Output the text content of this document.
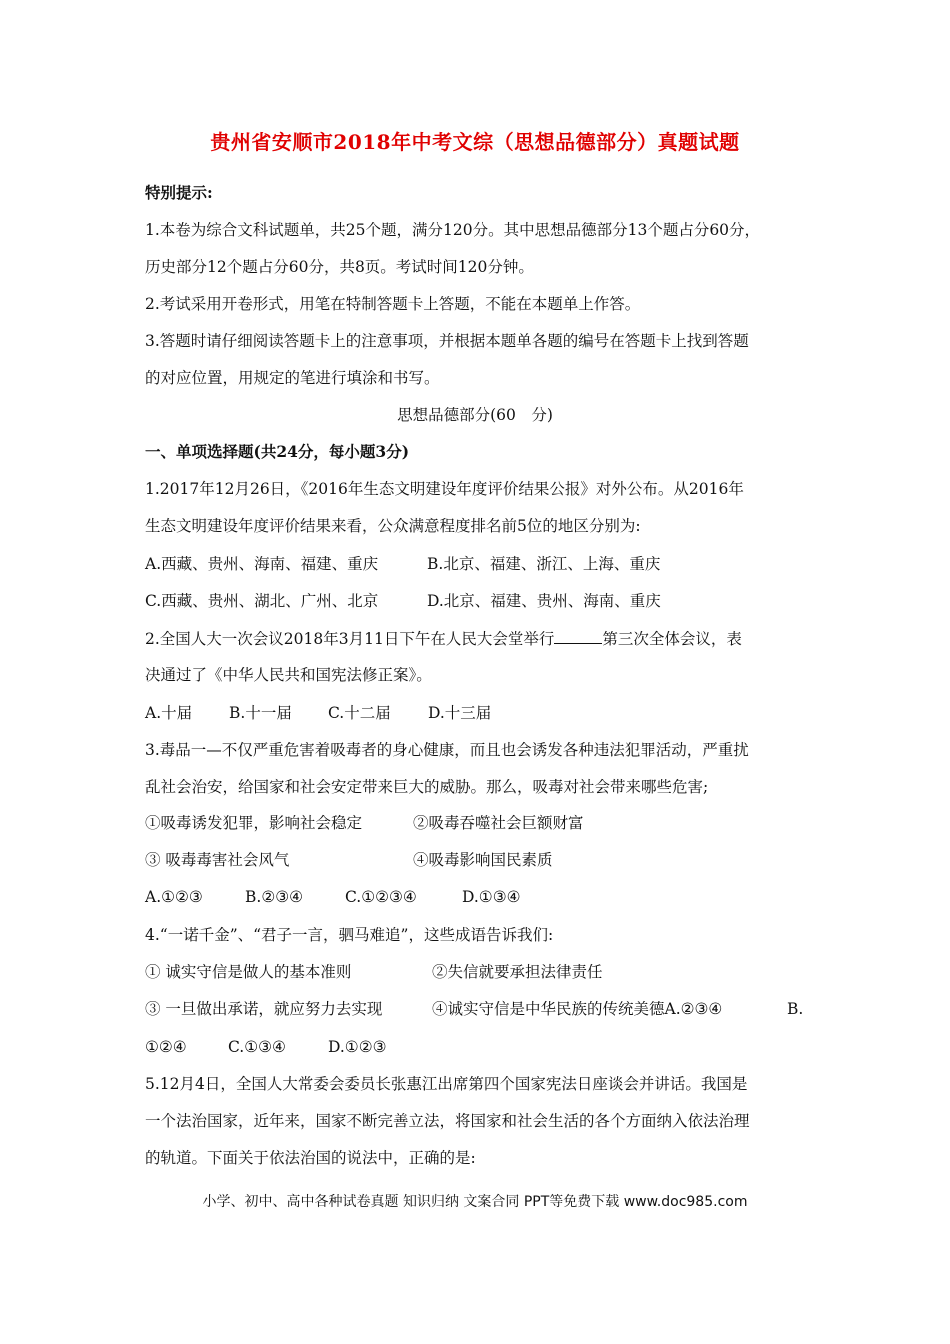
贵州省安顺市2018年中考文综（思想品德部分）真题试题
特别提示:
1.本卷为综合文科试题单，共25个题，满分120分。其中思想品德部分13个题占分60分，
历史部分12个题占分60分，共8页。考试时间120分钟。
2.考试采用开卷形式，用笔在特制答题卡上答题，不能在本题单上作答。
3.答题时请仔细阅读答题卡上的注意事项，并根据本题单各题的编号在答题卡上找到答题
的对应位置，用规定的笔进行填涂和书写。
思想品德部分(60　分)
一、单项选择题(共24分，每小题3分)
1.2017年12月26日，《2016年生态文明建设年度评价结果公报》对外公布。从2016年
生态文明建设年度评价结果来看，公众满意程度排名前5位的地区分别为:
A.西藏、贵州、海南、福建、重庆	B.北京、福建、浙江、上海、重庆
C.西藏、贵州、湖北、广州、北京	D.北京、福建、贵州、海南、重庆
2.全国人大一次会议2018年3月11日下午在人民大会堂举行	第三次全体会议，表
决通过了《中华人民共和国宪法修正案》。
A.十届 B.十一届 C.十二届 D.十三届
3.毒品一—不仅严重危害着吸毒者的身心健康，而且也会诱发各种违法犯罪活动，严重扰
乱社会治安，给国家和社会安定带来巨大的威胁。那么，吸毒对社会带来哪些危害;
①吸毒诱发犯罪，影响社会稳定	②吸毒吞噬社会巨额财富
③ 吸毒毒害社会风气	④吸毒影响国民素质
A.①②③	B.②③④	C.①②③④	D.①③④
4.“一诺千金”、“君子一言，驷马难追”，这些成语告诉我们:
① 诚实守信是做人的基本准则	②失信就要承担法律责任
③ 一旦做出承诺，就应努力去实现	④诚实守信是中华民族的传统美德A.②③④	B.
①②④	C.①③④	D.①②③
5.12月4日，全国人大常委会委员长张惠江出席第四个国家宪法日座谈会并讲话。我国是
一个法治国家，近年来，国家不断完善立法，将国家和社会生活的各个方面纳入依法治理
的轨道。下面关于依法治国的说法中，正确的是:
小学、初中、高中各种试卷真题 知识归纳 文案合同 PPT等免费下载 www.doc985.com
